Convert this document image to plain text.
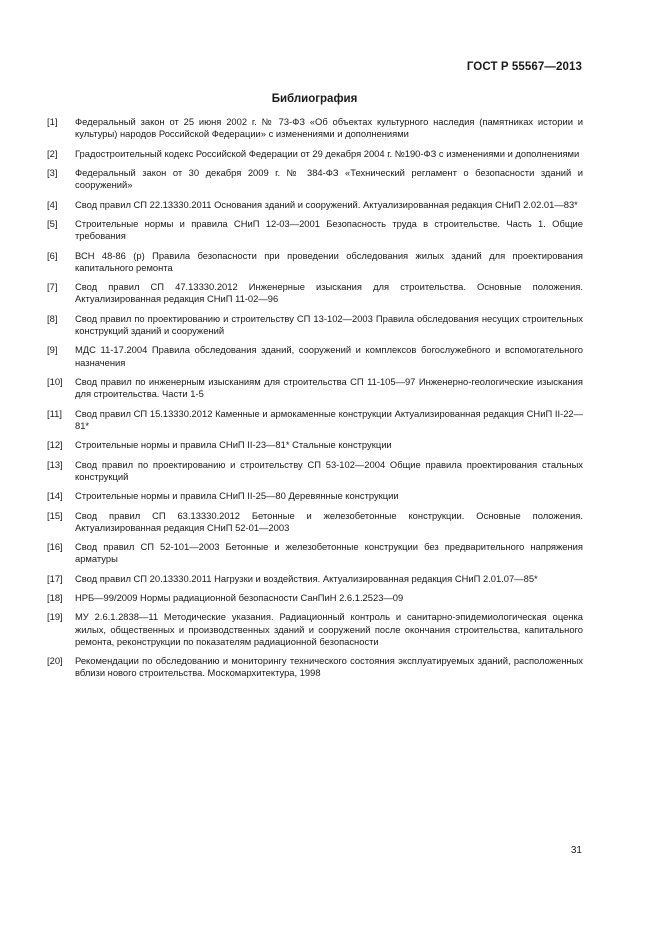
ГОСТ Р 55567—2013
Библиография
[1]	Федеральный закон от 25 июня 2002 г. № 73-ФЗ «Об объектах культурного наследия (памятниках истории и культуры) народов Российской Федерации» с изменениями и дополнениями
[2]	Градостроительный кодекс Российской Федерации от 29 декабря 2004 г. №190-ФЗ с изменениями и дополнениями
[3]	Федеральный закон от 30 декабря 2009 г. № 384-ФЗ «Технический регламент о безопасности зданий и сооружений»
[4]	Свод правил СП 22.13330.2011 Основания зданий и сооружений. Актуализированная редакция СНиП 2.02.01—83*
[5]	Строительные нормы и правила СНиП 12-03—2001 Безопасность труда в строительстве. Часть 1. Общие требования
[6]	ВСН 48-86 (р) Правила безопасности при проведении обследования жилых зданий для проектирования капитального ремонта
[7]	Свод правил СП 47.13330.2012 Инженерные изыскания для строительства. Основные положения. Актуализированная редакция СНиП 11-02—96
[8]	Свод правил по проектированию и строительству СП 13-102—2003 Правила обследования несущих строительных конструкций зданий и сооружений
[9]	МДС 11-17.2004 Правила обследования зданий, сооружений и комплексов богослужебного и вспомогательного назначения
[10]	Свод правил по инженерным изысканиям для строительства СП 11-105—97 Инженерно-геологические изыскания для строительства. Части 1-5
[11]	Свод правил СП 15.13330.2012 Каменные и армокаменные конструкции Актуализированная редакция СНиП II-22—81*
[12]	Строительные нормы и правила СНиП II-23—81* Стальные конструкции
[13]	Свод правил по проектированию и строительству СП 53-102—2004 Общие правила проектирования стальных конструкций
[14]	Строительные нормы и правила СНиП II-25—80 Деревянные конструкции
[15]	Свод правил СП 63.13330.2012 Бетонные и железобетонные конструкции. Основные положения. Актуализированная редакция СНиП 52-01—2003
[16]	Свод правил СП 52-101—2003 Бетонные и железобетонные конструкции без предварительного напряжения арматуры
[17]	Свод правил СП 20.13330.2011 Нагрузки и воздействия. Актуализированная редакция СНиП 2.01.07—85*
[18]	НРБ—99/2009 Нормы радиационной безопасности СанПиН 2.6.1.2523—09
[19]	МУ 2.6.1.2838—11 Методические указания. Радиационный контроль и санитарно-эпидемиологическая оценка жилых, общественных и производственных зданий и сооружений после окончания строительства, капитального ремонта, реконструкции по показателям радиационной безопасности
[20]	Рекомендации по обследованию и мониторингу технического состояния эксплуатируемых зданий, расположенных вблизи нового строительства. Москомархитектура, 1998
31
